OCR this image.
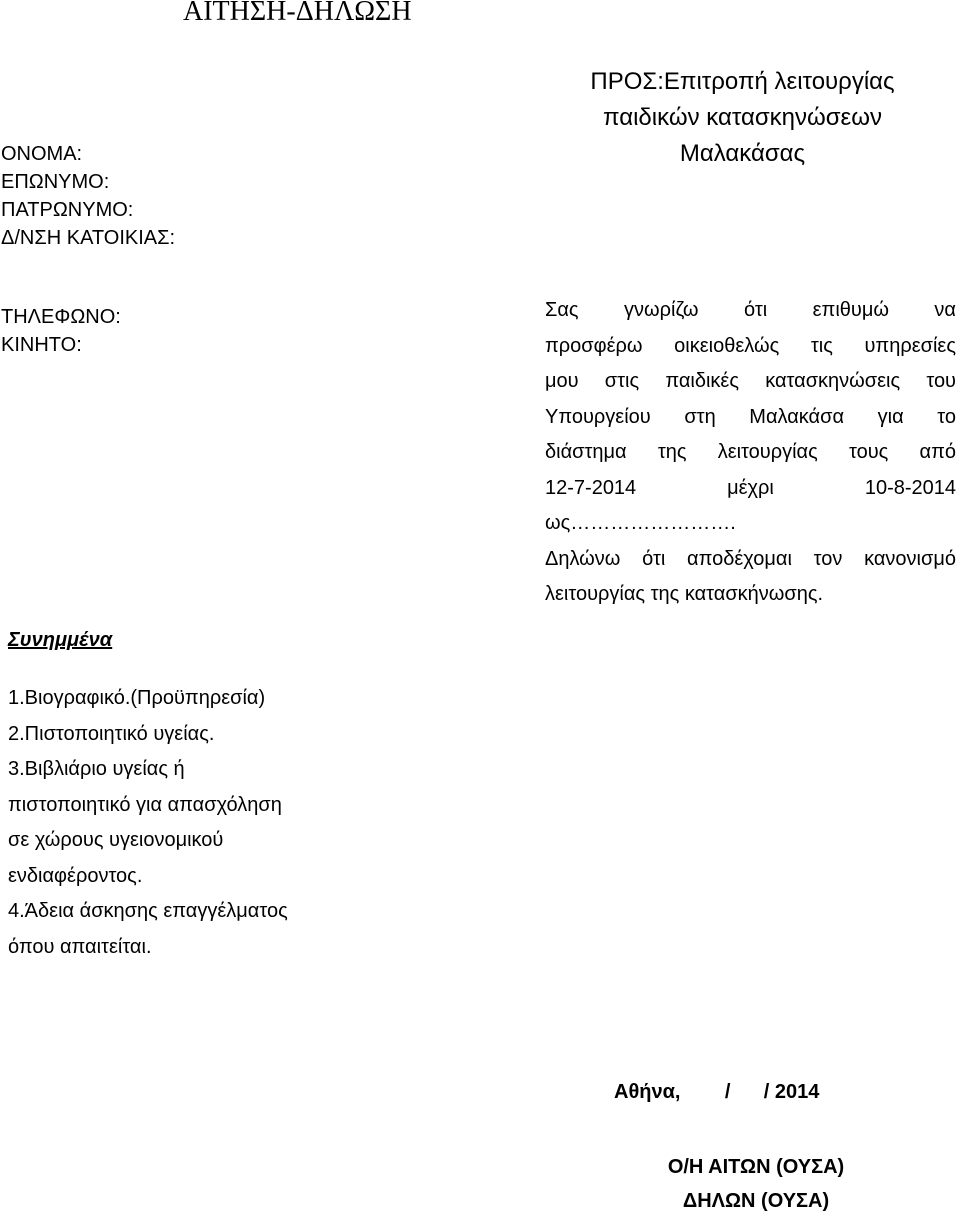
ΑΙΤΗΣΗ-ΔΗΛΩΣΗ
ΠΡΟΣ:Επιτροπή λειτουργίας
παιδικών κατασκηνώσεων
Μαλακάσας
ΟΝΟΜΑ:
ΕΠΩΝΥΜΟ:
ΠΑΤΡΩΝΥΜΟ:
Δ/ΝΣΗ ΚΑΤΟΙΚΙΑΣ:
ΤΗΛΕΦΩΝΟ:
ΚΙΝΗΤΟ:
Σας γνωρίζω ότι επιθυμώ να
προσφέρω οικειοθελώς τις υπηρεσίες
μου στις παιδικές κατασκηνώσεις του
Υπουργείου στη Μαλακάσα για το
διάστημα της λειτουργίας τους από
12-7-2014 μέχρι 10-8-2014
ως…………………….
Δηλώνω ότι αποδέχομαι τον κανονισμό
λειτουργίας της κατασκήνωσης.
Συνημμένα
1.Βιογραφικό.(Προϋπηρεσία)
2.Πιστοποιητικό υγείας.
3.Βιβλιάριο υγείας ή
πιστοποιητικό για απασχόληση
σε χώρους υγειονομικού
ενδιαφέροντος.
4.Άδεια άσκησης επαγγέλματος
όπου απαιτείται.
Αθήνα,        /      / 2014
Ο/Η ΑΙΤΩΝ (ΟΥΣΑ)
ΔΗΛΩΝ (ΟΥΣΑ)
